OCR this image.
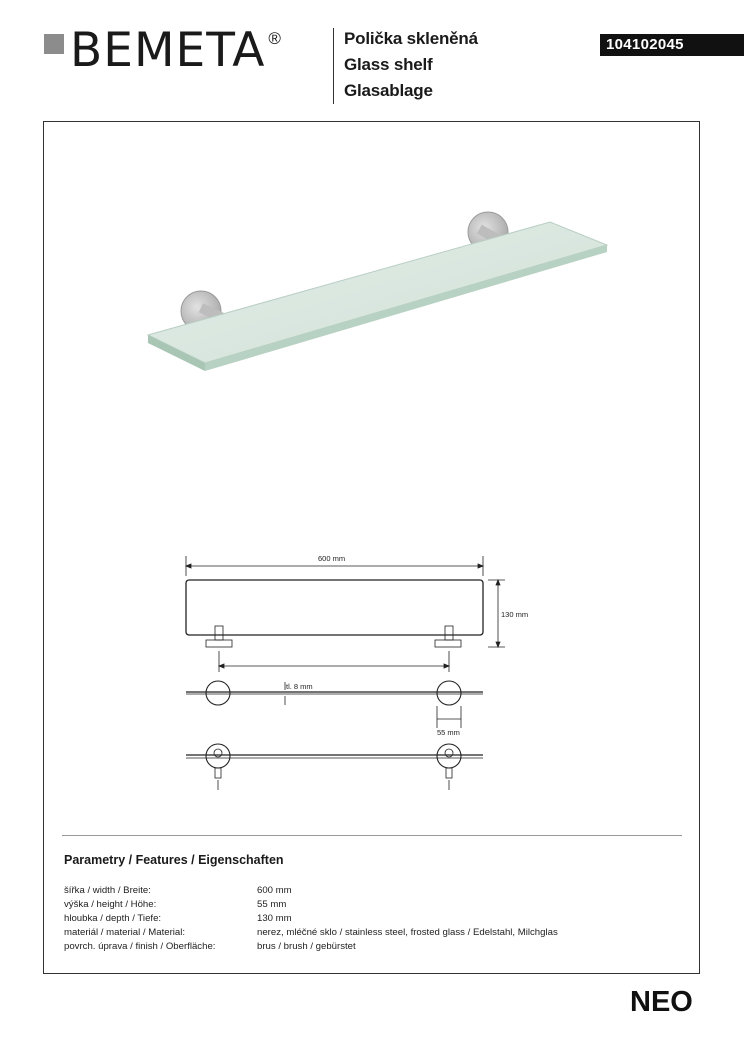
BEMETA ®	Polička skleněná
Glass shelf
Glasablage
104102045
600 mm
130 mm
tl. 8 mm
55 mm
Parametry / Features / Eigenschaften
šířka / width / Breite:	600 mm
výška / height / Höhe:	55 mm
hloubka / depth / Tiefe:	130 mm
materiál / material / Material:	nerez, mléčné sklo / stainless steel, frosted glass / Edelstahl, Milchglas
povrch. úprava / finish / Oberfläche:	brus / brush / gebürstet
NEO
